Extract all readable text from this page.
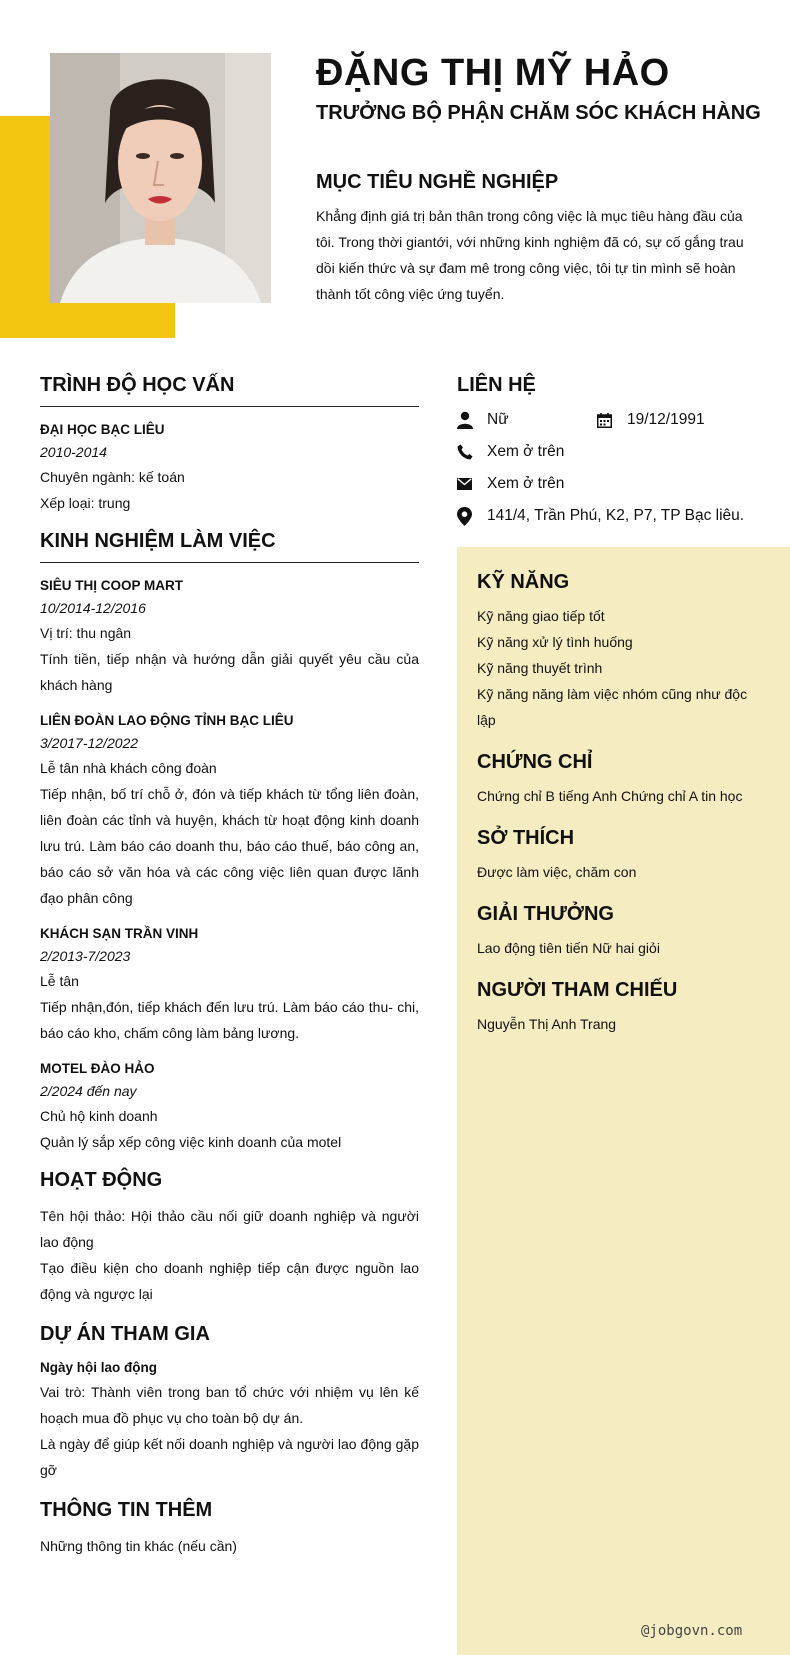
ĐẶNG THỊ MỸ HẢO
TRƯỞNG BỘ PHẬN CHĂM SÓC KHÁCH HÀNG
MỤC TIÊU NGHỀ NGHIỆP
Khẳng định giá trị bản thân trong công việc là mục tiêu hàng đầu của tôi. Trong thời giantới, với những kinh nghiệm đã có, sự cố gắng trau dồi kiến thức và sự đam mê trong công việc, tôi tự tin mình sẽ hoàn thành tốt công việc ứng tuyển.
TRÌNH ĐỘ HỌC VẤN
ĐẠI HỌC BẠC LIÊU
2010-2014
Chuyên ngành: kế toán
Xếp loại: trung
KINH NGHIỆM LÀM VIỆC
SIÊU THỊ COOP MART
10/2014-12/2016
Vị trí: thu ngân
Tính tiền, tiếp nhận và hướng dẫn giải quyết yêu cầu của khách hàng
LIÊN ĐOÀN LAO ĐỘNG TỈNH BẠC LIÊU
3/2017-12/2022
Lễ tân nhà khách công đoàn
Tiếp nhận, bố trí chỗ ở, đón và tiếp khách từ tổng liên đoàn, liên đoàn các tỉnh và huyện, khách từ hoạt động kinh doanh lưu trú. Làm báo cáo doanh thu, báo cáo thuế, báo công an, báo cáo sở văn hóa và các công việc liên quan được lãnh đạo phân công
KHÁCH SẠN TRẦN VINH
2/2013-7/2023
Lễ tân
Tiếp nhận,đón, tiếp khách đến lưu trú. Làm báo cáo thu- chi, báo cáo kho, chấm công làm bảng lương.
MOTEL ĐÀO HẢO
2/2024 đến nay
Chủ hộ kinh doanh
Quản lý sắp xếp công việc kinh doanh của motel
HOẠT ĐỘNG
Tên hội thảo: Hội thảo cầu nối giữ doanh nghiệp và người lao động
Tạo điều kiện cho doanh nghiệp tiếp cận được nguồn lao động và ngược lại
DỰ ÁN THAM GIA
Ngày hội lao động
Vai trò: Thành viên trong ban tổ chức với nhiệm vụ lên kế hoạch mua đồ phục vụ cho toàn bộ dự án.
Là ngày để giúp kết nối doanh nghiệp và người lao động gặp gỡ
THÔNG TIN THÊM
Những thông tin khác (nếu cần)
LIÊN HỆ
Nữ	19/12/1991
Xem ở trên
Xem ở trên
141/4, Trần Phú, K2, P7, TP Bạc liêu.
KỸ NĂNG
Kỹ năng giao tiếp tốt
Kỹ năng xử lý tình huống
Kỹ năng thuyết trình
Kỹ năng năng làm việc nhóm cũng như độc lập
CHỨNG CHỈ
Chứng chỉ B tiếng Anh Chứng chỉ A tin học
SỞ THÍCH
Được làm việc, chăm con
GIẢI THƯỞNG
Lao động tiên tiến Nữ hai giỏi
NGƯỜI THAM CHIẾU
Nguyễn Thị Anh Trang
@jobgovn.com
